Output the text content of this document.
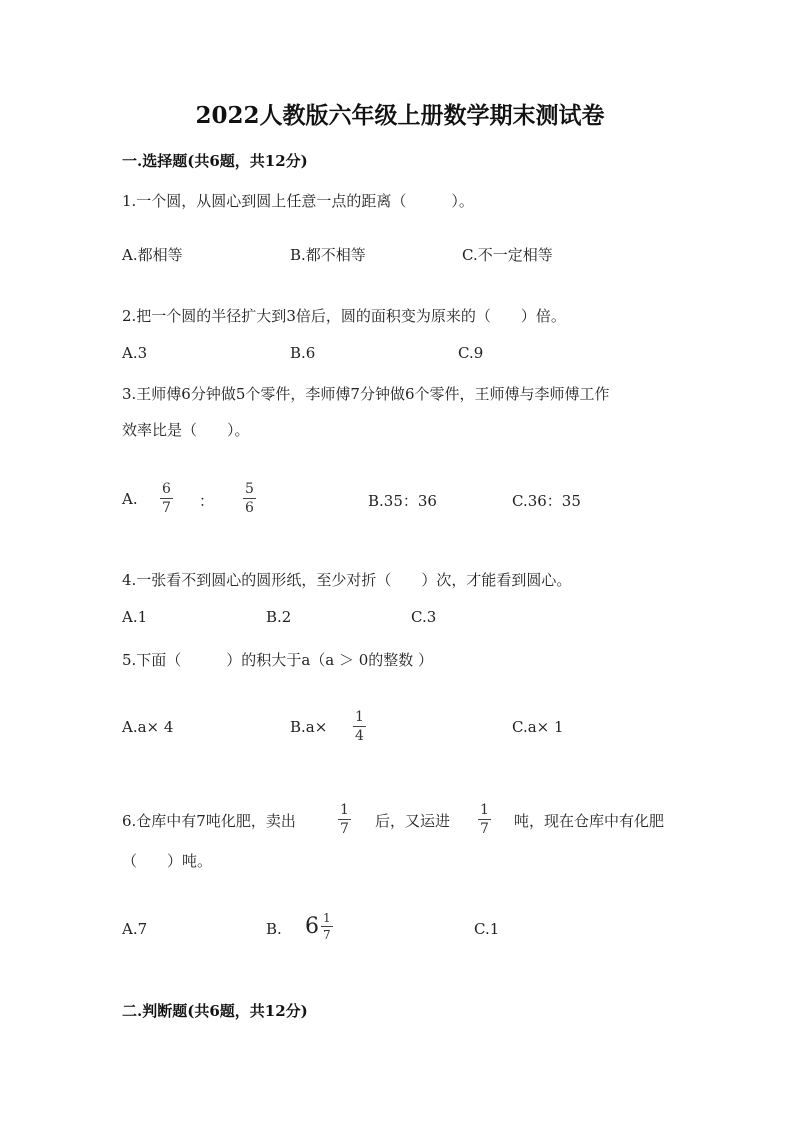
2022人教版六年级上册数学期末测试卷
一.选择题(共6题，共12分)
1.一个圆，从圆心到圆上任意一点的距离（　　　）。
A.都相等	B.都不相等	C.不一定相等
2.把一个圆的半径扩大到3倍后，圆的面积变为原来的（　　）倍。
A.3	B.6	C.9
3.王师傅6分钟做5个零件，李师傅7分钟做6个零件，王师傅与李师傅工作
效率比是（　　）。
A. $\frac{6}{7}$ ： $\frac{5}{6}$	B.35：36	C.36：35
4.一张看不到圆心的圆形纸，至少对折（　　）次，才能看到圆心。
A.1	B.2	C.3
5.下面（　　　）的积大于a（a ＞ 0的整数 ）
A.a× 4	$B.a\times \frac{1}{4}$	C.a× 1
6.仓库中有7吨化肥，卖出	$\frac{1}{7}$ 后，又运进 $\frac{1}{7}$ 吨，现在仓库中有化肥
（　　）吨。
A.7	B. $6 \frac{1}{7}$	C.1
二.判断题(共6题，共12分)
